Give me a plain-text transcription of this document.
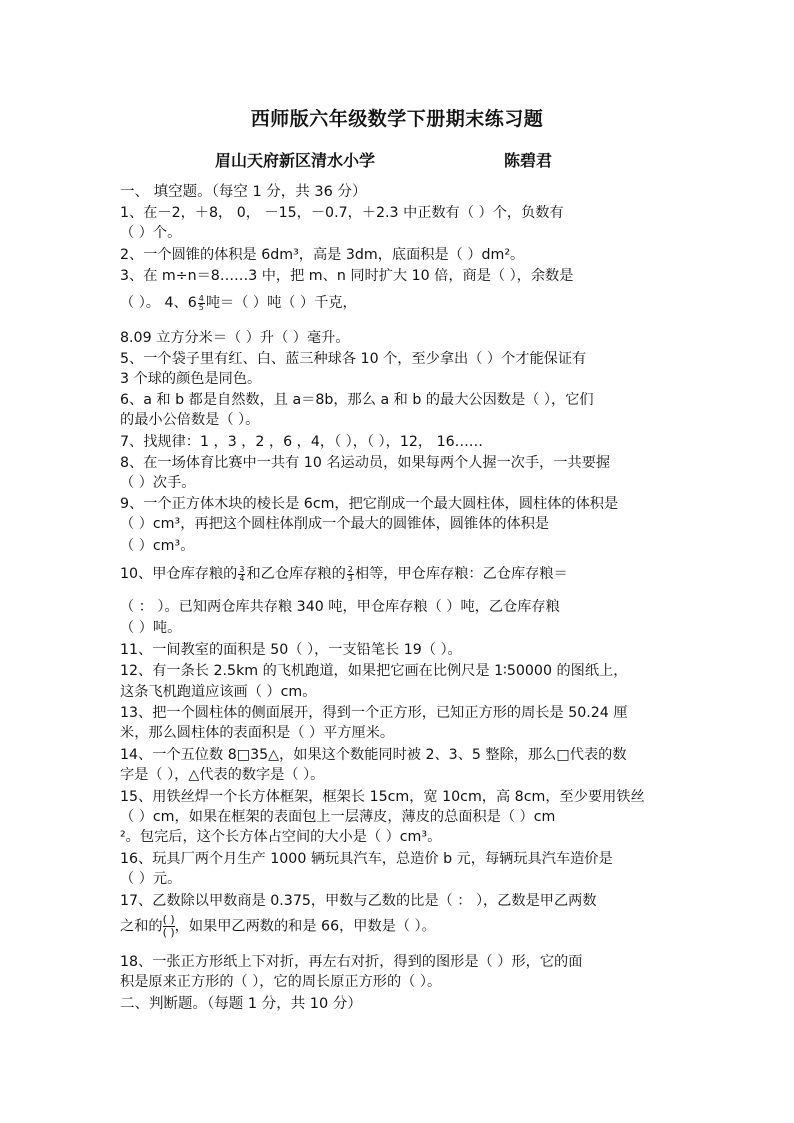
西师版六年级数学下册期末练习题
眉山天府新区清水小学	陈碧君
一、 填空题。（每空 1 分，共 36 分）
1、在－2，＋8， 0， －15，－0.7，＋2.3 中正数有（ ）个，负数有
（ ）个。
2、一个圆锥的体积是 6dm³，高是 3dm，底面积是（ ）dm²。
3、在 m÷n＝8……3 中，把 m、n 同时扩大 10 倍，商是（ ），余数是
（ ）。 4、$6 \frac{4}{5}$ 吨＝（ ）吨（ ）千克，
8.09 立方分米＝（ ）升（ ）毫升。
5、一个袋子里有红、白、蓝三种球各 10 个，至少拿出（ ）个才能保证有
3 个球的颜色是同色。
6、a 和 b 都是自然数，且 a＝8b，那么 a 和 b 的最大公因数是（ ），它们
的最小公倍数是（ ）。
7、找规律：1 ，3 ，2 ，6 ，4，（ ），（ ），12， 16……
8、在一场体育比赛中一共有 10 名运动员，如果每两个人握一次手，一共要握
（ ）次手。
9、一个正方体木块的棱长是 6cm，把它削成一个最大圆柱体，圆柱体的体积是
（ ）cm³，再把这个圆柱体削成一个最大的圆锥体，圆锥体的体积是
（ ）cm³。
10、甲仓库存粮的 $\frac{3}{4}$ 和乙仓库存粮的 $\frac{2}{3}$ 相等，甲仓库存粮：乙仓库存粮＝
（ ： ）。已知两仓库共存粮 340 吨，甲仓库存粮（ ）吨，乙仓库存粮
（ ）吨。
11、一间教室的面积是 50（ ），一支铅笔长 19（ ）。
12、有一条长 2.5km 的飞机跑道，如果把它画在比例尺是 1∶50000 的图纸上，
这条飞机跑道应该画（ ）cm。
13、把一个圆柱体的侧面展开，得到一个正方形，已知正方形的周长是 50.24 厘
米，那么圆柱体的表面积是（ ）平方厘米。
14、一个五位数 8□35△，如果这个数能同时被 2、3、5 整除，那么□代表的数
字是（ ），△代表的数字是（ ）。
15、用铁丝焊一个长方体框架，框架长 15cm，宽 10cm，高 8cm，至少要用铁丝
（ ）cm，如果在框架的表面包上一层薄皮，薄皮的总面积是（ ）cm
²。包完后，这个长方体占空间的大小是（ ）cm³。
16、玩具厂两个月生产 1000 辆玩具汽车，总造价 b 元，每辆玩具汽车造价是
（ ）元。
17、乙数除以甲数商是 0.375，甲数与乙数的比是（ ： ），乙数是甲乙两数
之和的 ( )
( ) ，如果甲乙两数的和是 66，甲数是（ ）。
18、一张正方形纸上下对折，再左右对折，得到的图形是（ ）形，它的面
积是原来正方形的（ ），它的周长原正方形的（ ）。
二、判断题。（每题 1 分，共 10 分）
